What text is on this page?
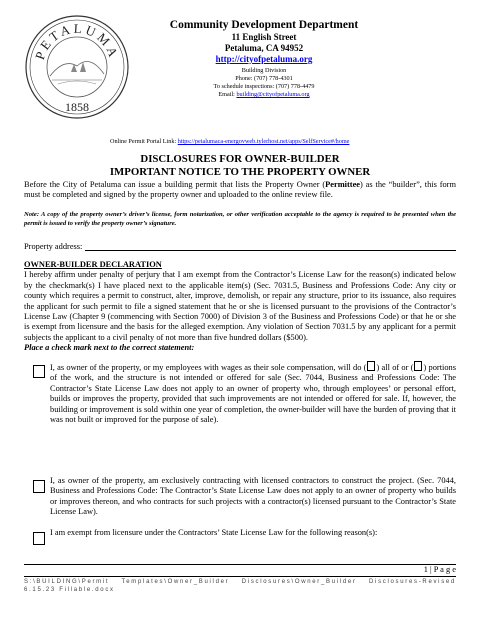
PETALUMA
1858
Community Development Department
11 English Street
Petaluma, CA 94952
http://cityofpetaluma.org
Building Division
Phone: (707) 778-4301
To schedule inspections: (707) 778-4479
Email: building@cityofpetaluma.org
Online Permit Portal Link: https://petalumaca-energovweb.tylerhost.net/apps/SelfService#/home
DISCLOSURES FOR OWNER-BUILDER
IMPORTANT NOTICE TO THE PROPERTY OWNER
Before the City of Petaluma can issue a building permit that lists the Property Owner (Permittee) as the “builder”, this form must be completed and signed by the property owner and uploaded to the online review file.
Note: A copy of the property owner’s driver’s license, form notarization, or other verification acceptable to the agency is required to be presented when the permit is issued to verify the property owner’s signature.
Property address:
OWNER-BUILDER DECLARATION
I hereby affirm under penalty of perjury that I am exempt from the Contractor’s License Law for the reason(s) indicated below by the checkmark(s) I have placed next to the applicable item(s) (Sec. 7031.5, Business and Professions Code: Any city or county which requires a permit to construct, alter, improve, demolish, or repair any structure, prior to its issuance, also requires the applicant for such permit to file a signed statement that he or she is licensed pursuant to the provisions of the Contractor’s License Law (Chapter 9 (commencing with Section 7000) of Division 3 of the Business and Professions Code) or that he or she is exempt from licensure and the basis for the alleged exemption. Any violation of Section 7031.5 by any applicant for a permit subjects the applicant to a civil penalty of not more than five hundred dollars ($500).
Place a check mark next to the correct statement:
I, as owner of the property, or my employees with wages as their sole compensation, will do ( ) all of or ( ) portions of the work, and the structure is not intended or offered for sale (Sec. 7044, Business and Professions Code: The Contractor’s State License Law does not apply to an owner of property who, through employees’ or personal effort, builds or improves the property, provided that such improvements are not intended or offered for sale. If, however, the building or improvement is sold within one year of completion, the owner-builder will have the burden of proving that it was not built or improved for the purpose of sale).
I, as owner of the property, am exclusively contracting with licensed contractors to construct the project. (Sec. 7044, Business and Professions Code: The Contractor’s State License Law does not apply to an owner of property who builds or improves thereon, and who contracts for such projects with a contractor(s) licensed pursuant to the Contractor’s State License Law).
I am exempt from licensure under the Contractors’ State License Law for the following reason(s):
1 | P a g e
S:\BUILDING\Permit Templates\Owner_Builder Disclosures\Owner_Builder Disclosures-Revised 6.15.23 Fillable.docx
